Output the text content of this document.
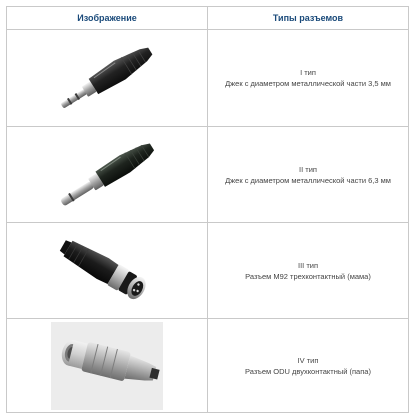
Изображение	Типы разъемов

I тип
Джек с диаметром металлической части 3,5 мм

II тип
Джек с диаметром металлической части 6,3 мм

III тип
Разъем М92 трехконтактный (мама)

IV тип
Разъем ODU двухконтактный (папа)
